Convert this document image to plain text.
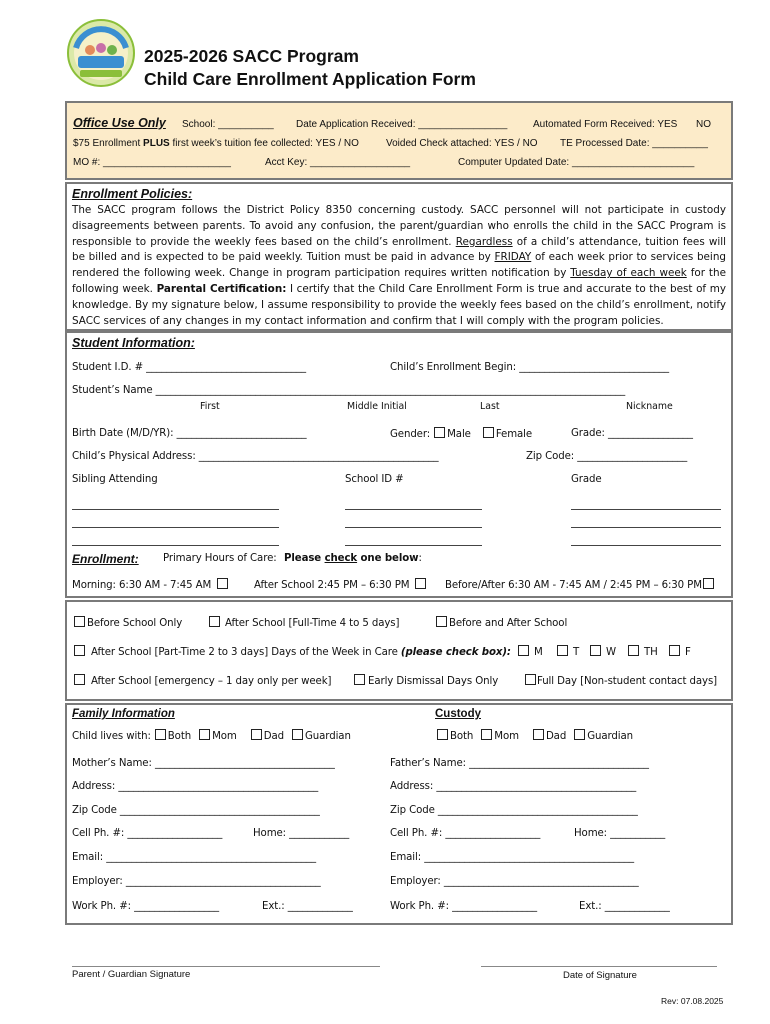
2025-2026 SACC Program
Child Care Enrollment Application Form
Office Use Only School: __________ Date Application Received: ________________	Automated Form Received: YES NO
$75 Enrollment PLUS first week’s tuition fee collected: YES / NO	Voided Check attached: YES / NO TE Processed Date: __________
MO #: _______________________	Acct Key: __________________	Computer Updated Date: ______________________
Enrollment Policies:

The SACC program follows the District Policy 8350 concerning custody. SACC personnel will not participate in custody disagreements between parents. To avoid any confusion, the parent/guardian who enrolls the child in the SACC Program is responsible to provide the weekly fees based on the child’s enrollment. Regardless of a child’s attendance, tuition fees will be billed and is expected to be paid weekly. Tuition must be paid in advance by FRIDAY of each week prior to services being rendered the following week. Change in program participation requires written notification by Tuesday of each week for the following week. Parental Certification: I certify that the Child Care Enrollment Form is true and accurate to the best of my knowledge. By my signature below, I assume responsibility to provide the weekly fees based on the child’s enrollment, notify SACC services of any changes in my contact information and confirm that I will comply with the program policies.

Student Information:
Student I.D. # ________________________________	Child’s Enrollment Begin: ______________________________
Student’s Name ______________________________________________________________________________________________
First	Middle Initial	Last	Nickname
Birth Date (M/D/YR): __________________________	Gender: Male Female	Grade: _________________
Child’s Physical Address: ________________________________________________	Zip Code: ______________________
Sibling Attending	School ID #	Grade
Enrollment: Primary Hours of Care: Please check one below:
Morning: 6:30 AM - 7:45 AM	After School 2:45 PM – 6:30 PM	Before/After 6:30 AM - 7:45 AM / 2:45 PM – 6:30 PM
Before School Only	After School [Full-Time 4 to 5 days]	Before and After School
After School [Part-Time 2 to 3 days] Days of the Week in Care (please check box):	M	T	W	TH	F
After School [emergency – 1 day only per week]	Early Dismissal Days Only	Full Day [Non-student contact days]
Family Information	Custody
Child lives with: Both Mom	Dad Guardian	Both Mom	Dad Guardian
Mother’s Name: ____________________________________	Father’s Name: ____________________________________
Address: ________________________________________	Address: ________________________________________
Zip Code ________________________________________	Zip Code ________________________________________
Cell Ph. #: ___________________	Home: ____________	Cell Ph. #: ___________________	Home: ___________
Email: __________________________________________	Email: __________________________________________
Employer: _______________________________________	Employer: _______________________________________
Work Ph. #: _________________	Ext.: _____________	Work Ph. #: _________________	Ext.: _____________
Parent / Guardian Signature	Date of Signature
Rev: 07.08.2025
